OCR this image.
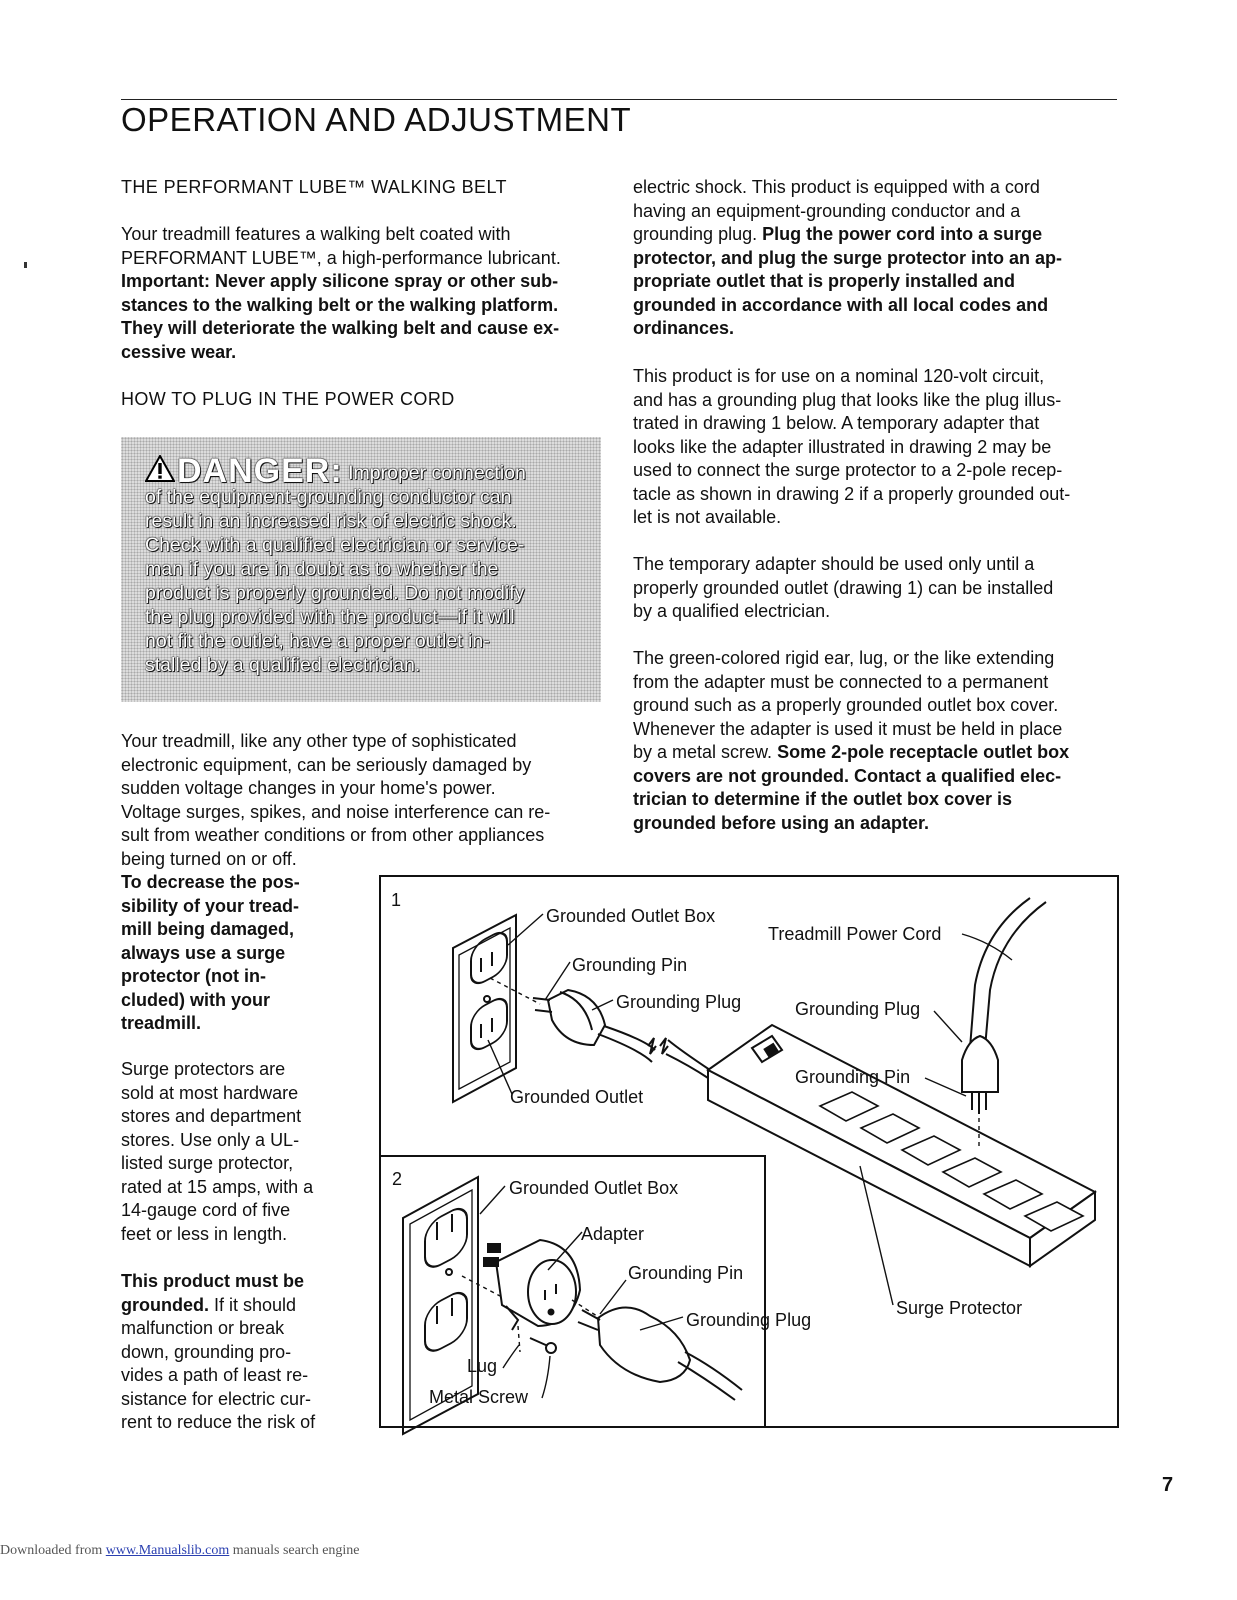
OPERATION AND ADJUSTMENT
THE PERFORMANT LUBE™ WALKING BELT
Your treadmill features a walking belt coated with
PERFORMANT LUBE™, a high-performance lubricant.
Important: Never apply silicone spray or other sub-
stances to the walking belt or the walking platform.
They will deteriorate the walking belt and cause ex-
cessive wear.
HOW TO PLUG IN THE POWER CORD
DANGER: Improper connection
of the equipment-grounding conductor can
result in an increased risk of electric shock.
Check with a qualified electrician or service-
man if you are in doubt as to whether the
product is properly grounded. Do not modify
the plug provided with the product—if it will
not fit the outlet, have a proper outlet in-
stalled by a qualified electrician.
Your treadmill, like any other type of sophisticated
electronic equipment, can be seriously damaged by
sudden voltage changes in your home's power.
Voltage surges, spikes, and noise interference can re-
sult from weather conditions or from other appliances
being turned on or off.
To decrease the pos-
sibility of your tread-
mill being damaged,
always use a surge
protector (not in-
cluded) with your
treadmill.
Surge protectors are
sold at most hardware
stores and department
stores. Use only a UL-
listed surge protector,
rated at 15 amps, with a
14-gauge cord of five
feet or less in length.
This product must be
grounded. If it should
malfunction or break
down, grounding pro-
vides a path of least re-
sistance for electric cur-
rent to reduce the risk of
electric shock. This product is equipped with a cord
having an equipment-grounding conductor and a
grounding plug. Plug the power cord into a surge
protector, and plug the surge protector into an ap-
propriate outlet that is properly installed and
grounded in accordance with all local codes and
ordinances.
This product is for use on a nominal 120-volt circuit,
and has a grounding plug that looks like the plug illus-
trated in drawing 1 below. A temporary adapter that
looks like the adapter illustrated in drawing 2 may be
used to connect the surge protector to a 2-pole recep-
tacle as shown in drawing 2 if a properly grounded out-
let is not available.
The temporary adapter should be used only until a
properly grounded outlet (drawing 1) can be installed
by a qualified electrician.
The green-colored rigid ear, lug, or the like extending
from the adapter must be connected to a permanent
ground such as a properly grounded outlet box cover.
Whenever the adapter is used it must be held in place
by a metal screw. Some 2-pole receptacle outlet box
covers are not grounded. Contact a qualified elec-
trician to determine if the outlet box cover is
grounded before using an adapter.
1
Grounded Outlet Box
Grounding Pin
Grounding Plug
Grounded Outlet
Treadmill Power Cord
Grounding Plug
Grounding Pin
Surge Protector
2	Grounded Outlet Box
Adapter
Grounding Pin
Grounding Plug
Lug
Metal Screw
7
Downloaded from www.Manualslib.com manuals search engine
